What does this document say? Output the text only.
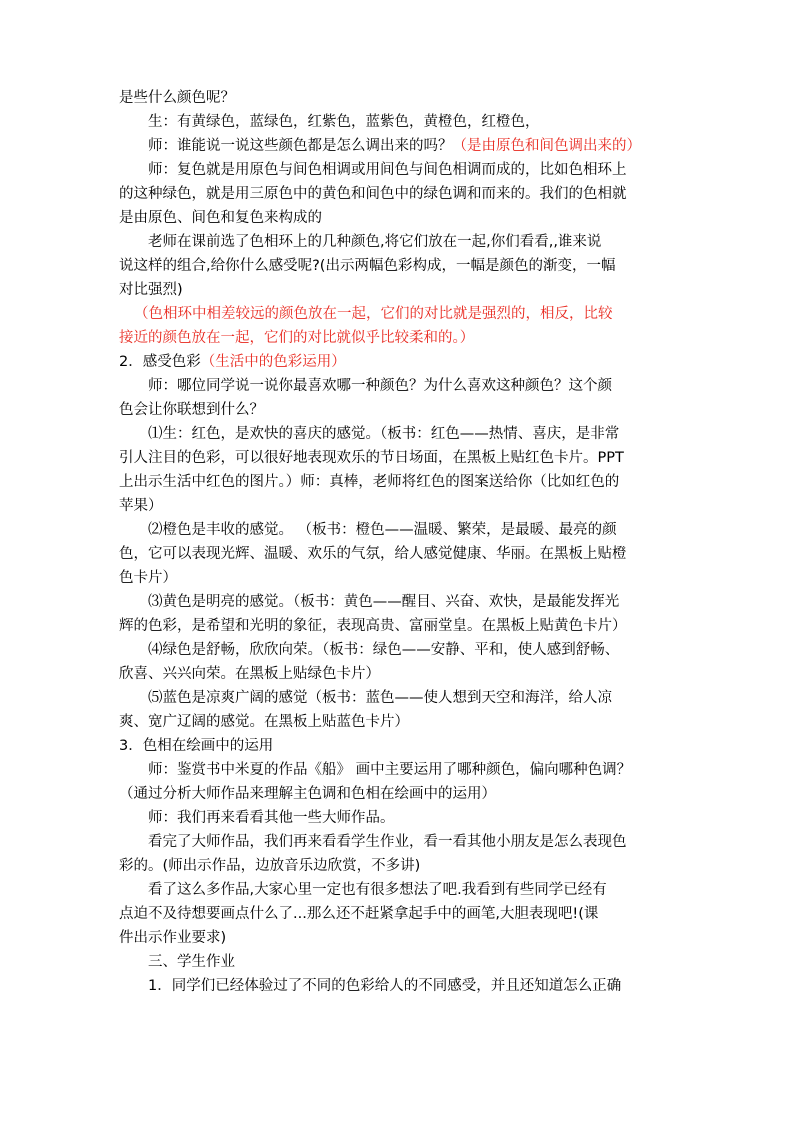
是些什么颜色呢？
生：有黄绿色，蓝绿色，红紫色，蓝紫色，黄橙色，红橙色，
师：谁能说一说这些颜色都是怎么调出来的吗？（是由原色和间色调出来的）
师：复色就是用原色与间色相调或用间色与间色相调而成的，比如色相环上
的这种绿色，就是用三原色中的黄色和间色中的绿色调和而来的。我们的色相就
是由原色、间色和复色来构成的
老师在课前选了色相环上的几种颜色,将它们放在一起,你们看看,,谁来说
说这样的组合,给你什么感受呢?(出示两幅色彩构成，一幅是颜色的渐变，一幅
对比强烈)
（色相环中相差较远的颜色放在一起，它们的对比就是强烈的，相反，比较
接近的颜色放在一起，它们的对比就似乎比较柔和的。）
2．感受色彩（生活中的色彩运用）
师：哪位同学说一说你最喜欢哪一种颜色？为什么喜欢这种颜色？这个颜
色会让你联想到什么？
⑴生：红色，是欢快的喜庆的感觉。（板书：红色——热情、喜庆，是非常
引人注目的色彩，可以很好地表现欢乐的节日场面，在黑板上贴红色卡片。PPT
上出示生活中红色的图片。）师：真棒，老师将红色的图案送给你（比如红色的
苹果）
⑵橙色是丰收的感觉。 （板书：橙色——温暖、繁荣，是最暖、最亮的颜
色，它可以表现光辉、温暖、欢乐的气氛，给人感觉健康、华丽。在黑板上贴橙
色卡片）
⑶黄色是明亮的感觉。（板书：黄色——醒目、兴奋、欢快，是最能发挥光
辉的色彩，是希望和光明的象征，表现高贵、富丽堂皇。在黑板上贴黄色卡片）
⑷绿色是舒畅，欣欣向荣。（板书：绿色——安静、平和，使人感到舒畅、
欣喜、兴兴向荣。在黑板上贴绿色卡片）
⑸蓝色是凉爽广阔的感觉（板书：蓝色——使人想到天空和海洋，给人凉
爽、宽广辽阔的感觉。在黑板上贴蓝色卡片）
3．色相在绘画中的运用
师：鉴赏书中米夏的作品《船》 画中主要运用了哪种颜色，偏向哪种色调？
（通过分析大师作品来理解主色调和色相在绘画中的运用）
师：我们再来看看其他一些大师作品。
看完了大师作品，我们再来看看学生作业，看一看其他小朋友是怎么表现色
彩的。(师出示作品，边放音乐边欣赏，不多讲)
看了这么多作品,大家心里一定也有很多想法了吧.我看到有些同学已经有
点迫不及待想要画点什么了...那么还不赶紧拿起手中的画笔,大胆表现吧!(课
件出示作业要求)
三、学生作业
1．同学们已经体验过了不同的色彩给人的不同感受，并且还知道怎么正确
